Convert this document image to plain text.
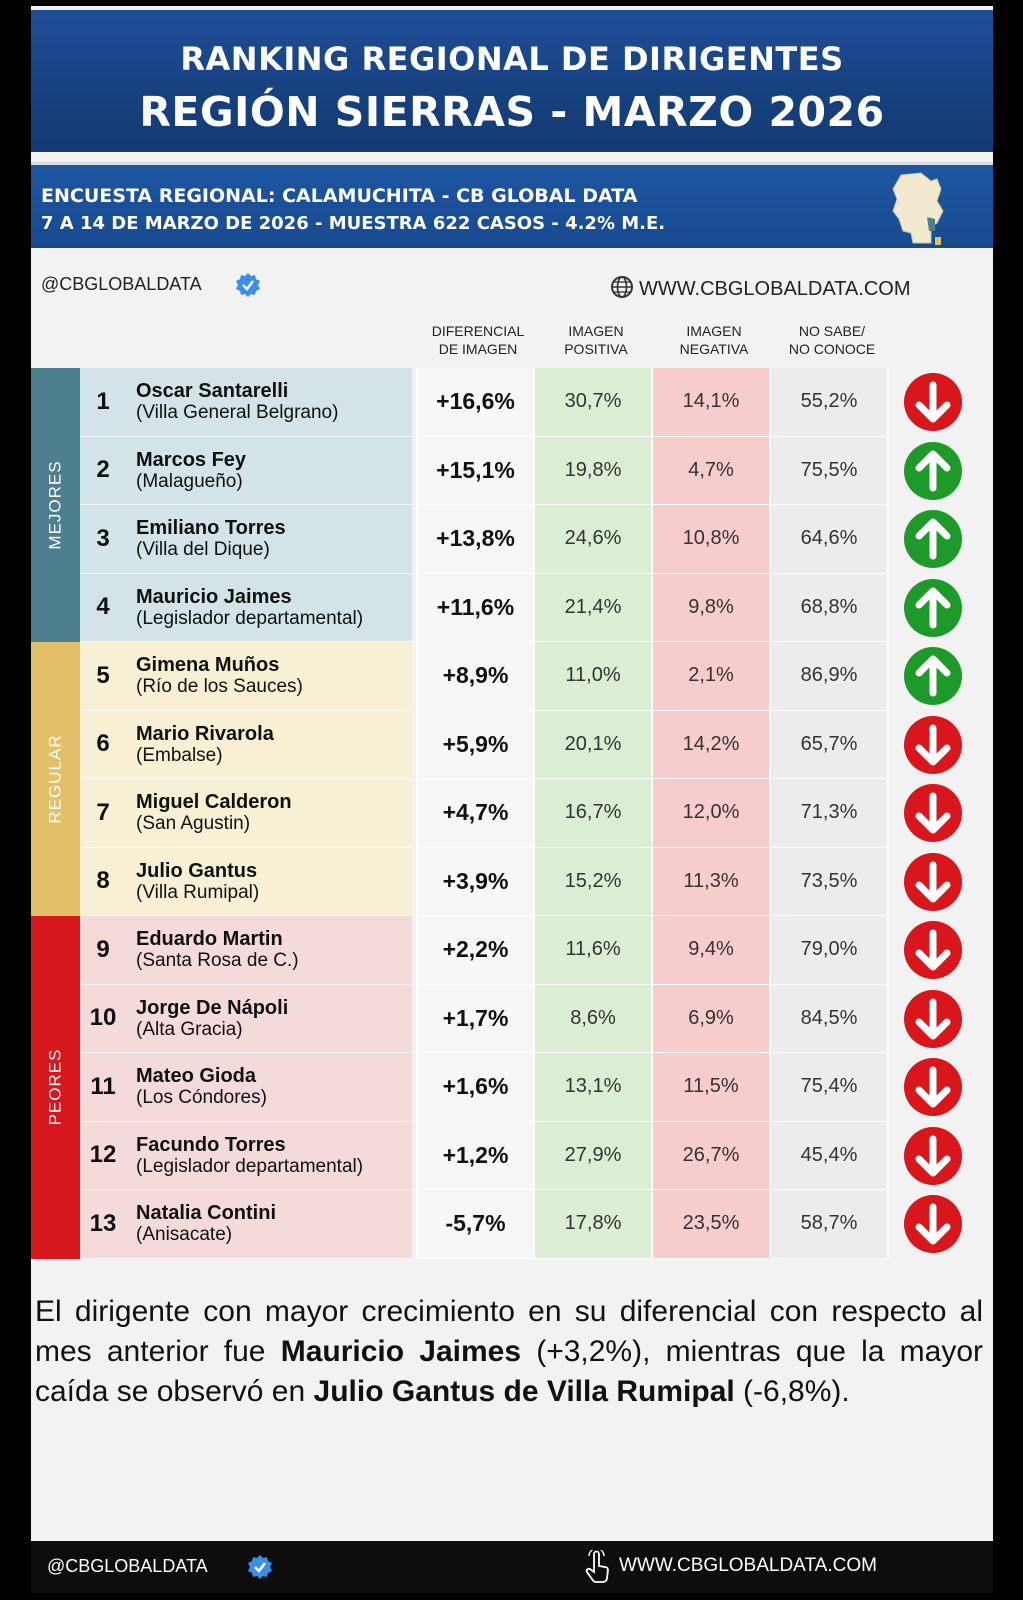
RANKING REGIONAL DE DIRIGENTES
REGIÓN SIERRAS - MARZO 2026
ENCUESTA REGIONAL: CALAMUCHITA - CB GLOBAL DATA
7 A 14 DE MARZO DE 2026 - MUESTRA 622 CASOS - 4.2% M.E.
@CBGLOBALDATA	WWW.CBGLOBALDATA.COM
DIFERENCIAL
DE IMAGEN
IMAGEN
POSITIVA
IMAGEN
NEGATIVA
NO SABE/
NO CONOCE
MEJORES
REGULAR
PEORES
1	Oscar Santarelli
(Villa General Belgrano)	+16,6%	30,7%	14,1%	55,2%
2	Marcos Fey
(Malagueño)	+15,1%	19,8%	4,7%	75,5%
3	Emiliano Torres
(Villa del Dique)	+13,8%	24,6%	10,8%	64,6%
4	Mauricio Jaimes
(Legislador departamental)	+11,6%	21,4%	9,8%	68,8%
5	Gimena Muños
(Río de los Sauces)	+8,9%	11,0%	2,1%	86,9%
6	Mario Rivarola
(Embalse)	+5,9%	20,1%	14,2%	65,7%
7	Miguel Calderon
(San Agustin)	+4,7%	16,7%	12,0%	71,3%
8	Julio Gantus
(Villa Rumipal)	+3,9%	15,2%	11,3%	73,5%
9	Eduardo Martin
(Santa Rosa de C.)	+2,2%	11,6%	9,4%	79,0%
10 Jorge De Nápoli
(Alta Gracia)	+1,7%	8,6%	6,9%	84,5%
11	Mateo Gioda
(Los Cóndores)	+1,6%	13,1%	11,5%	75,4%
12 Facundo Torres
(Legislador departamental)	+1,2%	27,9%	26,7%	45,4%
13 Natalia Contini
(Anisacate)	-5,7%	17,8%	23,5%	58,7%
El dirigente con mayor crecimiento en su diferencial con respecto al mes anterior fue Mauricio Jaimes (+3,2%), mientras que la mayor caída se observó en Julio Gantus de Villa Rumipal (-6,8%).
@CBGLOBALDATA	WWW.CBGLOBALDATA.COM
